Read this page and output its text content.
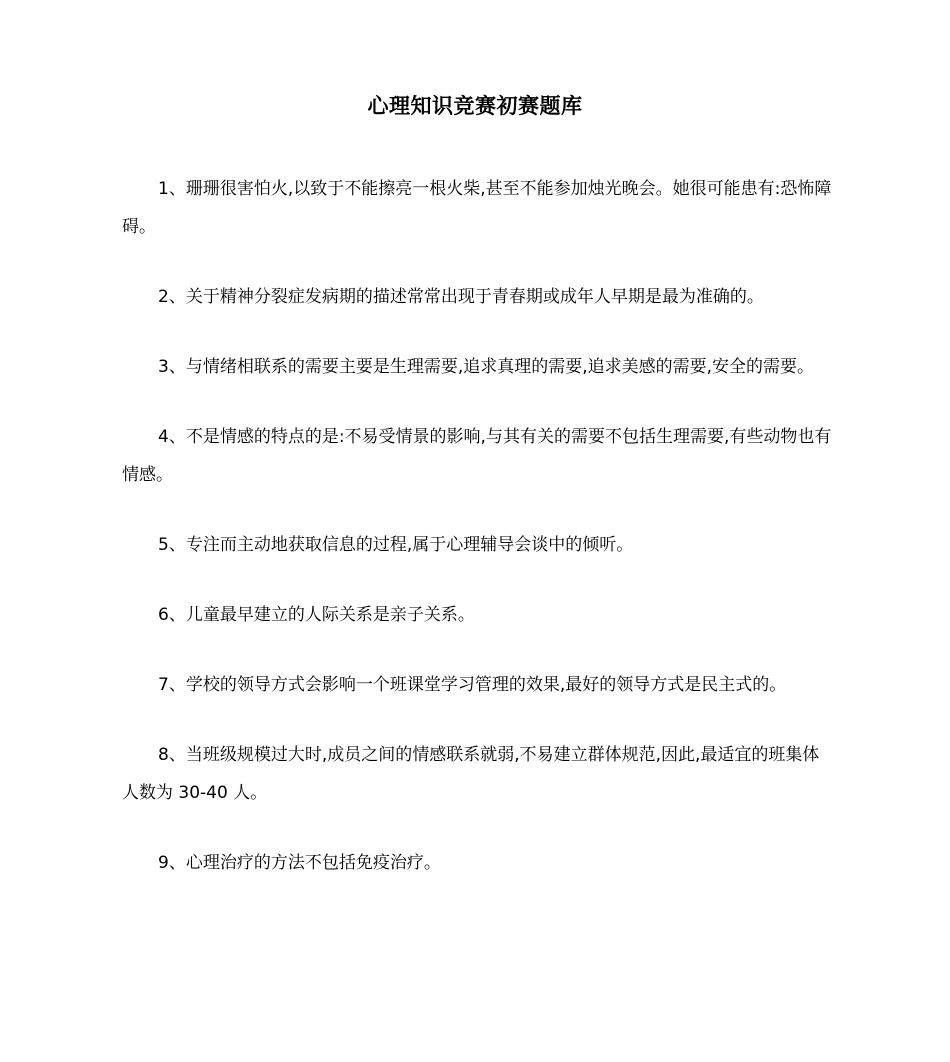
心理知识竞赛初赛题库

1、珊珊很害怕火,以致于不能擦亮一根火柴,甚至不能参加烛光晚会。她很可能患有:恐怖障碍。

2、关于精神分裂症发病期的描述常常出现于青春期或成年人早期是最为准确的。

3、与情绪相联系的需要主要是生理需要,追求真理的需要,追求美感的需要,安全的需要。

4、不是情感的特点的是:不易受情景的影响,与其有关的需要不包括生理需要,有些动物也有情感。

5、专注而主动地获取信息的过程,属于心理辅导会谈中的倾听。

6、儿童最早建立的人际关系是亲子关系。

7、学校的领导方式会影响一个班课堂学习管理的效果,最好的领导方式是民主式的。

8、当班级规模过大时,成员之间的情感联系就弱,不易建立群体规范,因此,最适宜的班集体人数为 30-40 人。

9、心理治疗的方法不包括免疫治疗。
